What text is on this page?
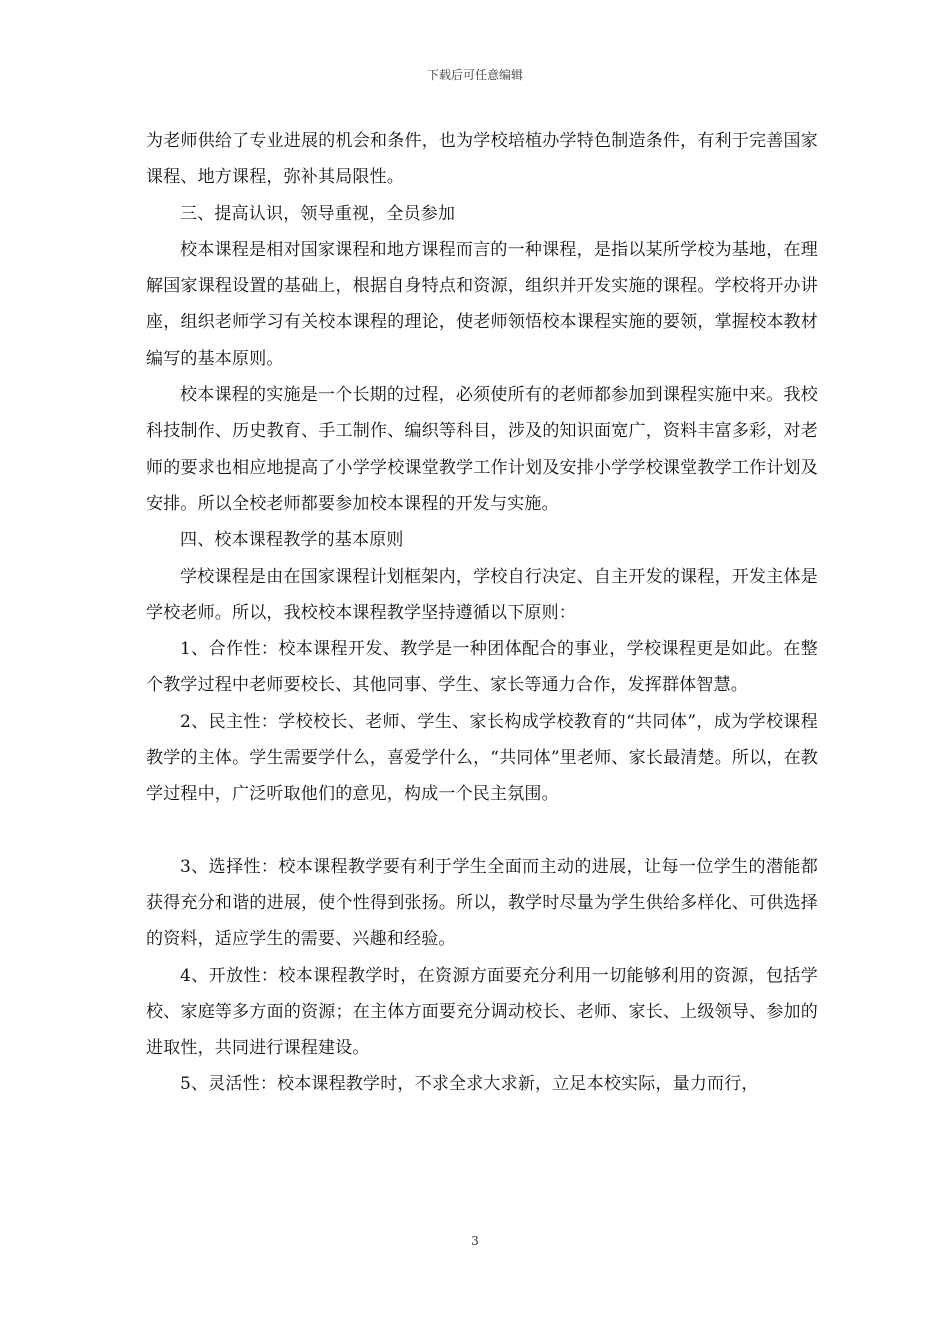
下载后可任意编辑

为老师供给了专业进展的机会和条件，也为学校培植办学特色制造条件，有利于完善国家课程、地方课程，弥补其局限性。

三、提高认识，领导重视，全员参加

校本课程是相对国家课程和地方课程而言的一种课程，是指以某所学校为基地，在理解国家课程设置的基础上，根据自身特点和资源，组织并开发实施的课程。学校将开办讲座，组织老师学习有关校本课程的理论，使老师领悟校本课程实施的要领，掌握校本教材编写的基本原则。

校本课程的实施是一个长期的过程，必须使所有的老师都参加到课程实施中来。我校科技制作、历史教育、手工制作、编织等科目，涉及的知识面宽广，资料丰富多彩，对老师的要求也相应地提高了小学学校课堂教学工作计划及安排小学学校课堂教学工作计划及安排。所以全校老师都要参加校本课程的开发与实施。

四、校本课程教学的基本原则

学校课程是由在国家课程计划框架内，学校自行决定、自主开发的课程，开发主体是学校老师。所以，我校校本课程教学坚持遵循以下原则：

1、合作性：校本课程开发、教学是一种团体配合的事业，学校课程更是如此。在整个教学过程中老师要校长、其他同事、学生、家长等通力合作，发挥群体智慧。

2、民主性：学校校长、老师、学生、家长构成学校教育的“共同体”，成为学校课程教学的主体。学生需要学什么，喜爱学什么，“共同体”里老师、家长最清楚。所以，在教学过程中，广泛听取他们的意见，构成一个民主氛围。

3、选择性：校本课程教学要有利于学生全面而主动的进展，让每一位学生的潜能都获得充分和谐的进展，使个性得到张扬。所以，教学时尽量为学生供给多样化、可供选择的资料，适应学生的需要、兴趣和经验。

4、开放性：校本课程教学时，在资源方面要充分利用一切能够利用的资源，包括学校、家庭等多方面的资源；在主体方面要充分调动校长、老师、家长、上级领导、参加的进取性，共同进行课程建设。

5、灵活性：校本课程教学时，不求全求大求新，立足本校实际，量力而行，

3
